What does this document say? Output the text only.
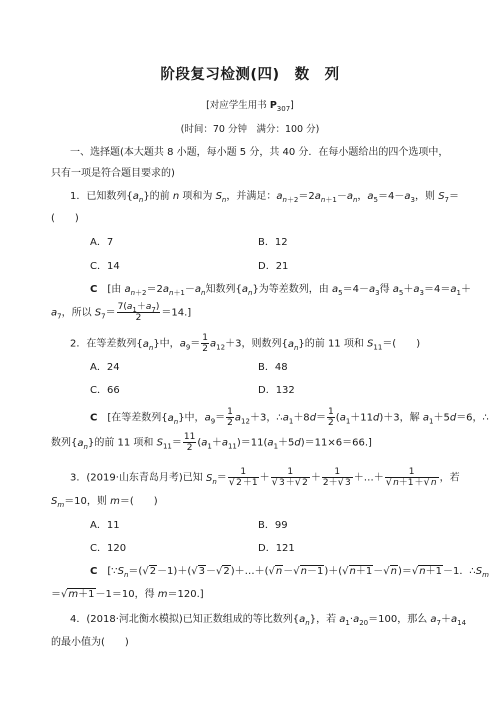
阶段复习检测(四)　数　列
[对应学生用书 $P_{307}$]
(时间：70 分钟　满分：100 分)
一、选择题(本大题共 8 小题，每小题 5 分，共 40 分．在每小题给出的四个选项中，
只有一项是符合题目要求的)
1．已知数列$\{a_n\}$的前 n 项和为 $S_n$，并满足：$a_{n+2}=2a_{n+1}-a_n$，$a_5=4-a_3$，则 $S_7=$
(　　)
A．7	B．12
C．14	D．21
C　[由 $a_{n+2}=2a_{n+1}-a_n$知数列$\{a_n\}$为等差数列，由 $a_5=4-a_3$得 $a_5+a_3=4=a_1+$
$a_7$，所以 $S_7= \frac{7(a_1+a_7)}{2} =14$.]
2．在等差数列$\{a_n\}$中，$a_9= \frac{1}{2} a_{12}+3$，则数列$\{a_n\}$的前 11 项和 $S_{11}=$(　　)
A．24	B．48
C．66	D．132
C　[在等差数列$\{a_n\}$中，$a_9= \frac{1}{2} a_{12}+3$，$\therefore a_1+8d= \frac{1}{2} (a_1+11d)+3$，解 $a_1+5d=6$，∴
数列$\{a_n\}$的前 11 项和 $S_{11}= \frac{11}{2} (a_1+a_{11})=11(a_1+5d)=11\times 6=66$.]
3．(2019·山东青岛月考)已知 $S_n= \frac{1}{√2+1} + \frac{1}{√3+√2} + \frac{1}{2+√3}$ ＋…＋ $\frac{1}{√n+1+√n}$ ，若
$S_m=10$，则 m＝(　　)
A．11	B．99
C．120	D．121
C　[$\because S_n=(√2-1)+(√3-√2)+\dots+(√n-√n-1)+(√n+1-√n)=√n+1-1$．$\therefore S_m$
＝√m＋1－1＝10，得 m＝120.]
4．(2018·河北衡水模拟)已知正数组成的等比数列$\{a_n\}$，若 $a_1\cdot a_{20}=100$，那么 $a_7+a_{14}$
的最小值为(　　)
